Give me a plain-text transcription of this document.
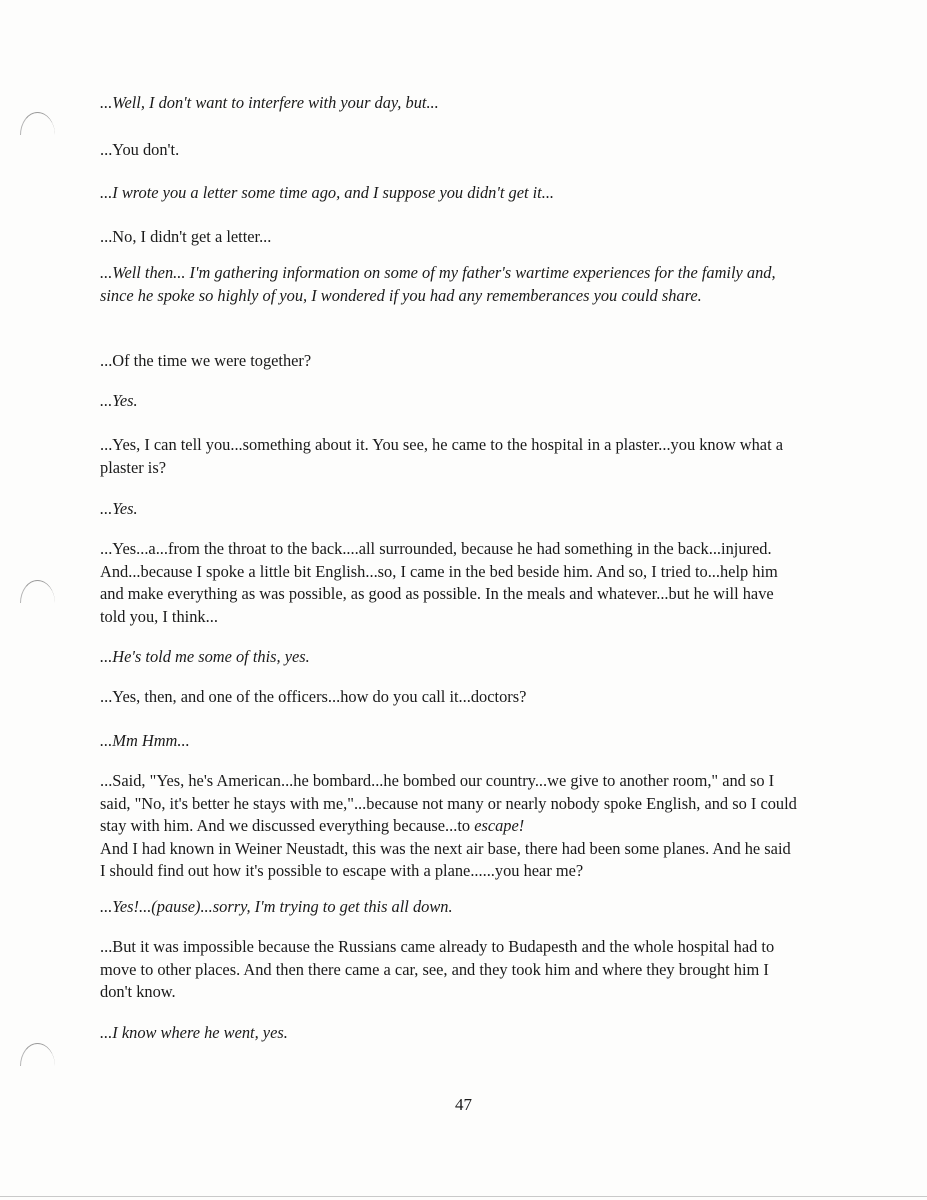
...Well, I don't want to interfere with your day, but...

...You don't.

...I wrote you a letter some time ago, and I suppose you didn't get it...

...No, I didn't get a letter...

...Well then... I'm gathering information on some of my father's wartime experiences for the family and, since he spoke so highly of you, I wondered if you had any rememberances you could share.

...Of the time we were together?

...Yes.

...Yes, I can tell you...something about it. You see, he came to the hospital in a plaster...you know what a plaster is?

...Yes.

...Yes...a...from the throat to the back....all surrounded, because he had something in the back...injured. And...because I spoke a little bit English...so, I came in the bed beside him. And so, I tried to...help him and make everything as was possible, as good as possible. In the meals and whatever...but he will have told you, I think...

...He's told me some of this, yes.

...Yes, then, and one of the officers...how do you call it...doctors?

...Mm Hmm...

...Said, "Yes, he's American...he bombard...he bombed our country...we give to another room," and so I said, "No, it's better he stays with me,"...because not many or nearly nobody spoke English, and so I could stay with him. And we discussed everything because...to escape!
And I had known in Weiner Neustadt, this was the next air base, there had been some planes. And he said I should find out how it's possible to escape with a plane......you hear me?

...Yes!...(pause)...sorry, I'm trying to get this all down.

...But it was impossible because the Russians came already to Budapesth and the whole hospital had to move to other places. And then there came a car, see, and they took him and where they brought him I don't know.

...I know where he went, yes.

47
